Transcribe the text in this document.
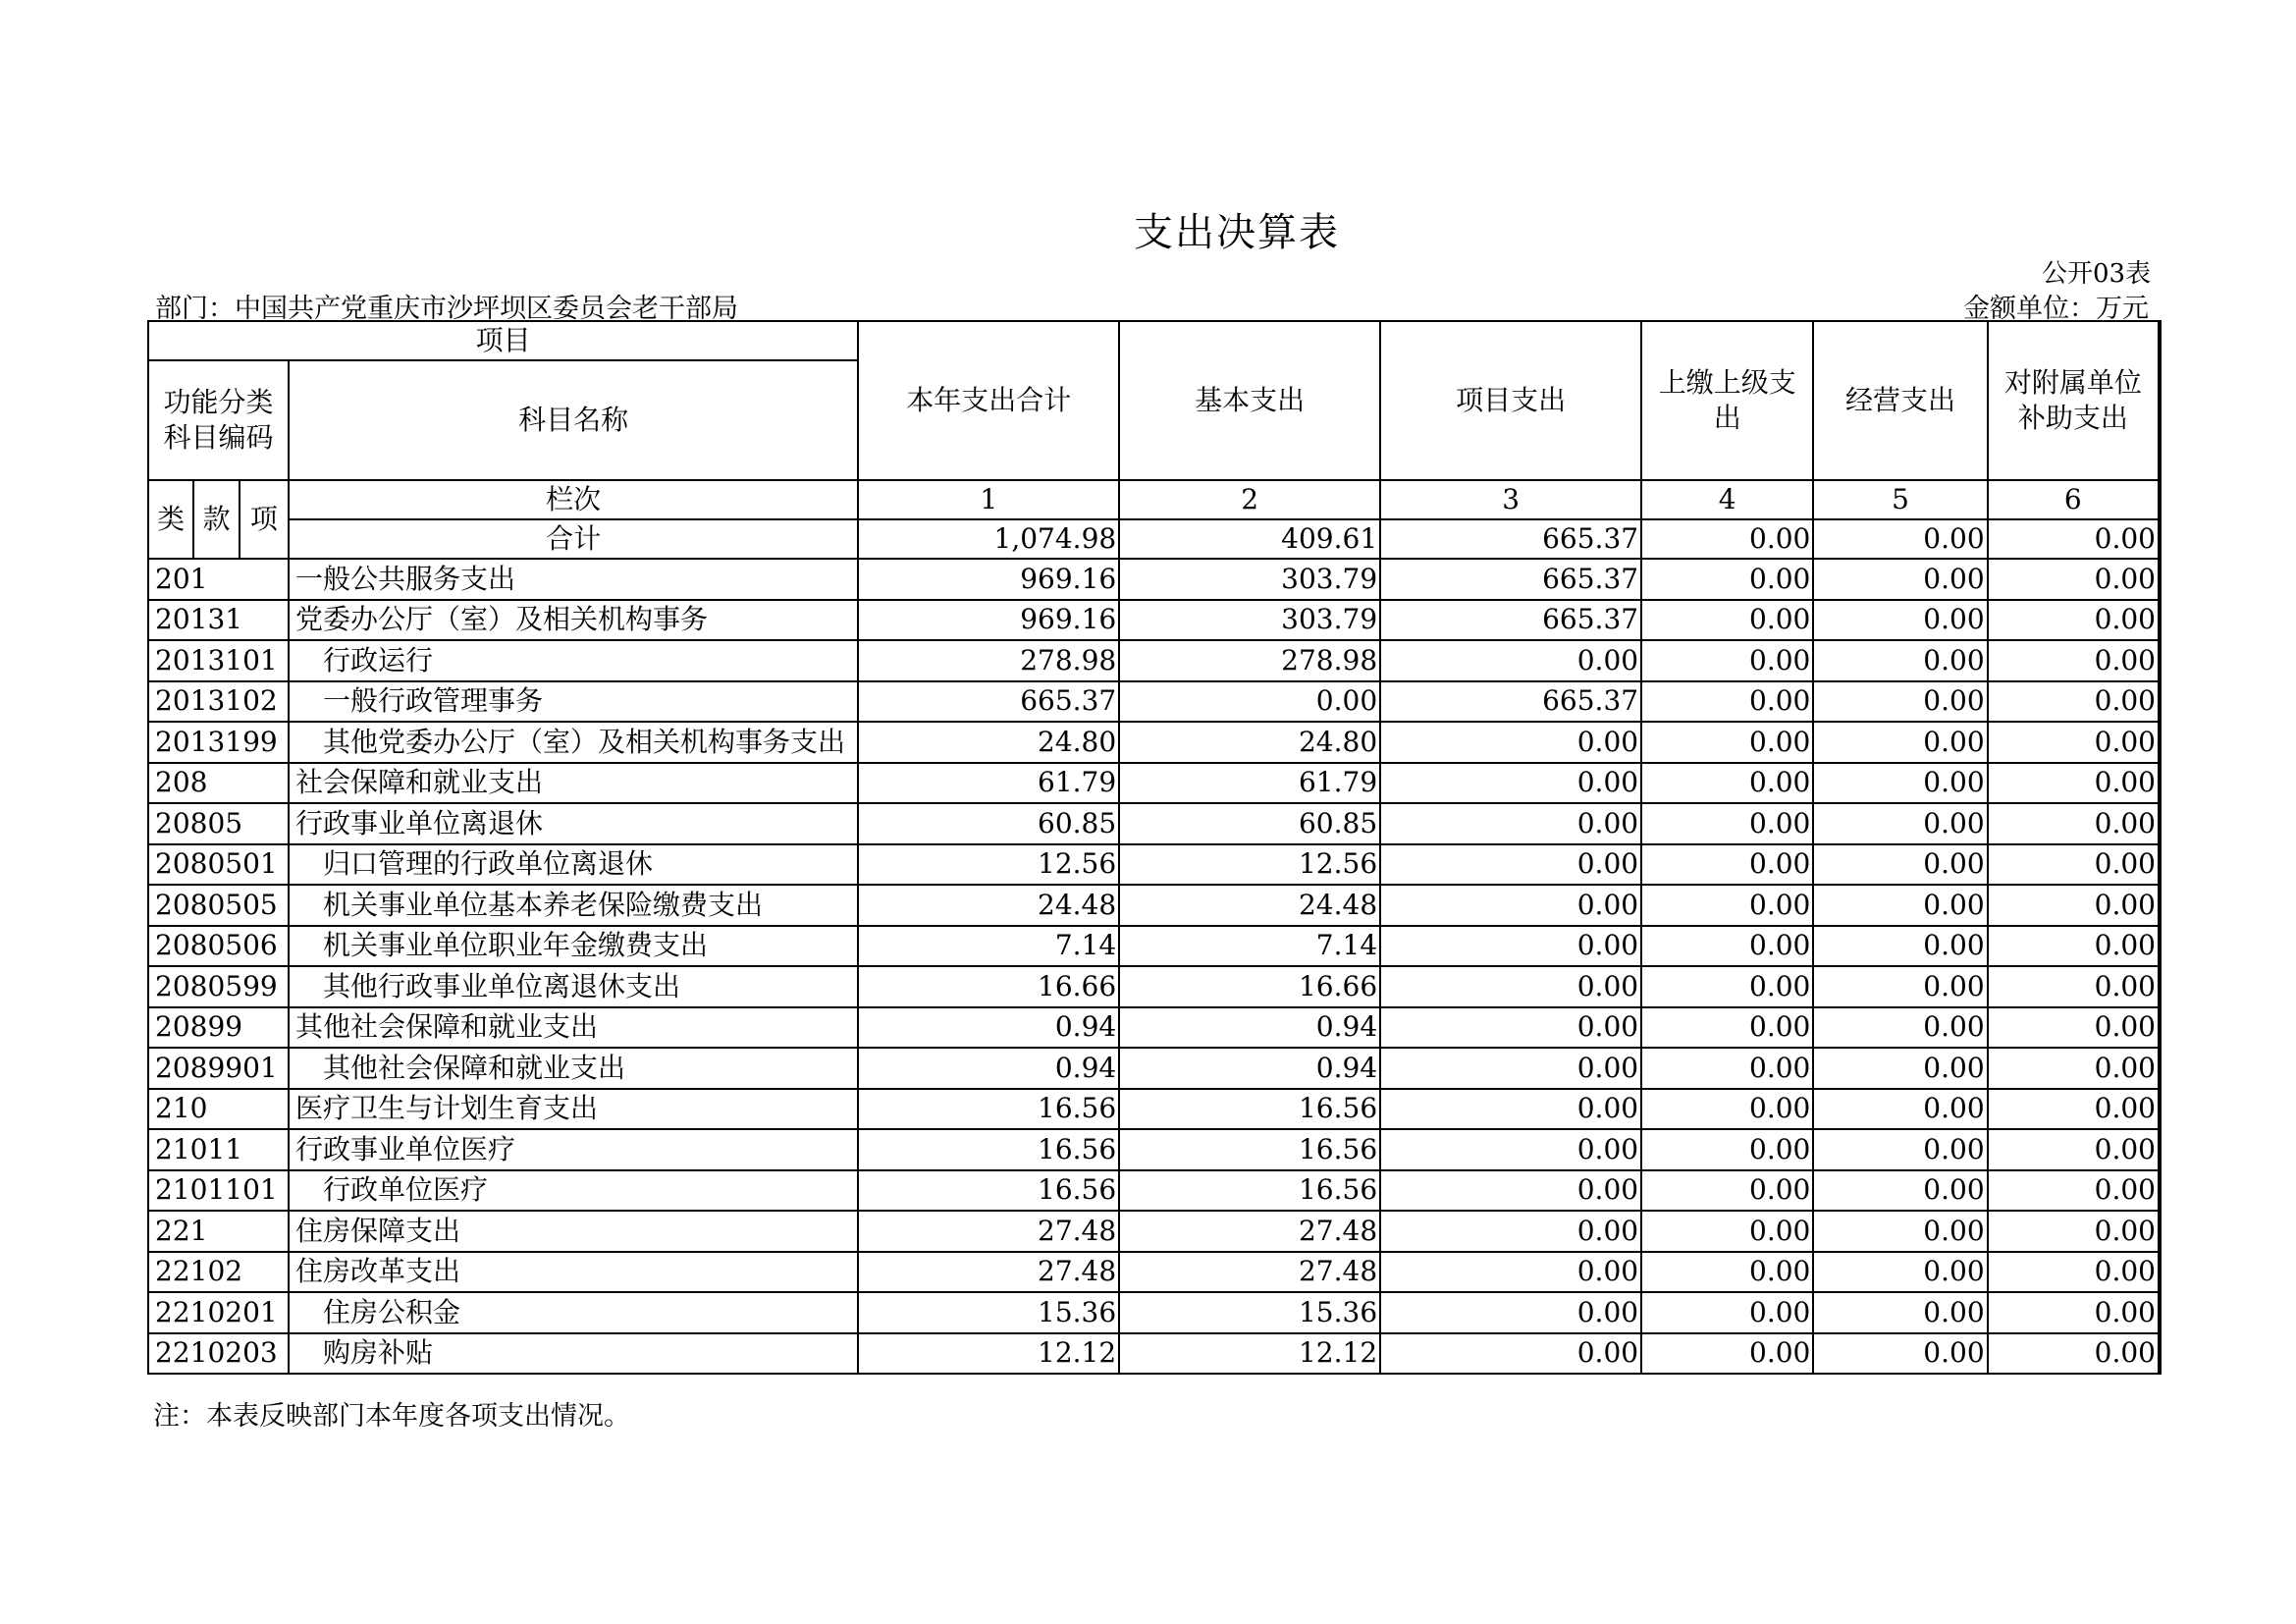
支出决算表
公开03表
部门：中国共产党重庆市沙坪坝区委员会老干部局	金额单位：万元
项目				本年支出合计	基本支出	项目支出	上缴上级支出	经营支出	对附属单位补助支出
功能分类科目编码			科目名称						
类	款	项	栏次	1	2	3	4	5	6
			合计	1,074.98	409.61	665.37	0.00	0.00	0.00
201			一般公共服务支出	969.16	303.79	665.37	0.00	0.00	0.00
20131			党委办公厅（室）及相关机构事务	969.16	303.79	665.37	0.00	0.00	0.00
2013101			行政运行	278.98	278.98	0.00	0.00	0.00	0.00
2013102			一般行政管理事务	665.37	0.00	665.37	0.00	0.00	0.00
2013199			其他党委办公厅（室）及相关机构事务支出	24.80	24.80	0.00	0.00	0.00	0.00
208			社会保障和就业支出	61.79	61.79	0.00	0.00	0.00	0.00
20805			行政事业单位离退休	60.85	60.85	0.00	0.00	0.00	0.00
2080501			归口管理的行政单位离退休	12.56	12.56	0.00	0.00	0.00	0.00
2080505			机关事业单位基本养老保险缴费支出	24.48	24.48	0.00	0.00	0.00	0.00
2080506			机关事业单位职业年金缴费支出	7.14	7.14	0.00	0.00	0.00	0.00
2080599			其他行政事业单位离退休支出	16.66	16.66	0.00	0.00	0.00	0.00
20899			其他社会保障和就业支出	0.94	0.94	0.00	0.00	0.00	0.00
2089901			其他社会保障和就业支出	0.94	0.94	0.00	0.00	0.00	0.00
210			医疗卫生与计划生育支出	16.56	16.56	0.00	0.00	0.00	0.00
21011			行政事业单位医疗	16.56	16.56	0.00	0.00	0.00	0.00
2101101			行政单位医疗	16.56	16.56	0.00	0.00	0.00	0.00
221			住房保障支出	27.48	27.48	0.00	0.00	0.00	0.00
22102			住房改革支出	27.48	27.48	0.00	0.00	0.00	0.00
2210201			住房公积金	15.36	15.36	0.00	0.00	0.00	0.00
2210203			购房补贴	12.12	12.12	0.00	0.00	0.00	0.00
注：本表反映部门本年度各项支出情况。
